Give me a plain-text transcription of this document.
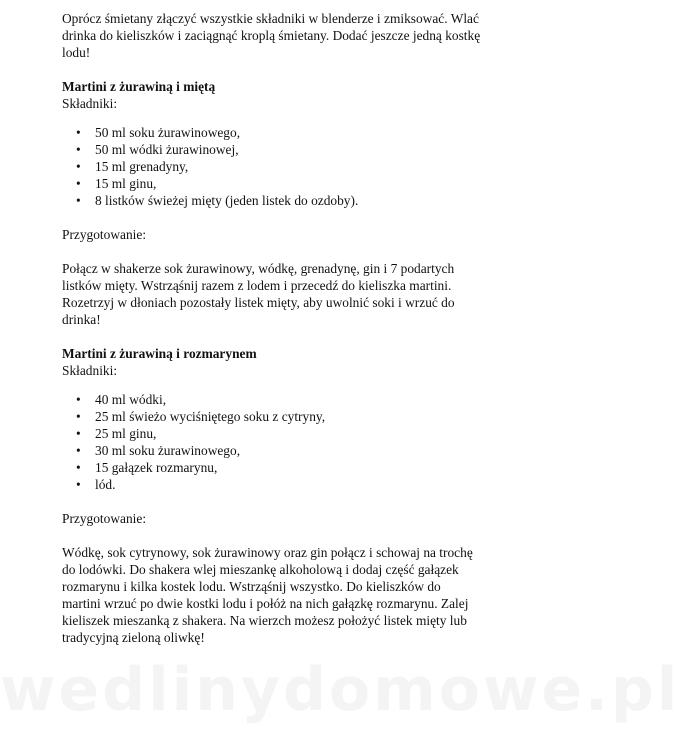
Oprócz śmietany złączyć wszystkie składniki w blenderze i zmiksować. Wlać drinka do kieliszków i zaciągnąć kroplą śmietany. Dodać jeszcze jedną kostkę lodu!

Martini z żurawiną i miętą

Składniki:

• 50 ml soku żurawinowego,
• 50 ml wódki żurawinowej,
• 15 ml grenadyny,
• 15 ml ginu,
• 8 listków świeżej mięty (jeden listek do ozdoby).

Przygotowanie:

Połącz w shakerze sok żurawinowy, wódkę, grenadynę, gin i 7 podartych listków mięty. Wstrząśnij razem z lodem i przecedź do kieliszka martini. Rozetrzyj w dłoniach pozostały listek mięty, aby uwolnić soki i wrzuć do drinka!

Martini z żurawiną i rozmarynem

Składniki:

• 40 ml wódki,
• 25 ml świeżo wyciśniętego soku z cytryny,
• 25 ml ginu,
• 30 ml soku żurawinowego,
• 15 gałązek rozmarynu,
• lód.

Przygotowanie:

Wódkę, sok cytrynowy, sok żurawinowy oraz gin połącz i schowaj na trochę do lodówki. Do shakera wlej mieszankę alkoholową i dodaj część gałązek rozmarynu i kilka kostek lodu. Wstrząśnij wszystko. Do kieliszków do martini wrzuć po dwie kostki lodu i połóż na nich gałązkę rozmarynu. Zalej kieliszek mieszanką z shakera. Na wierzch możesz położyć listek mięty lub tradycyjną zieloną oliwkę!

wedlinydomowe.pl
